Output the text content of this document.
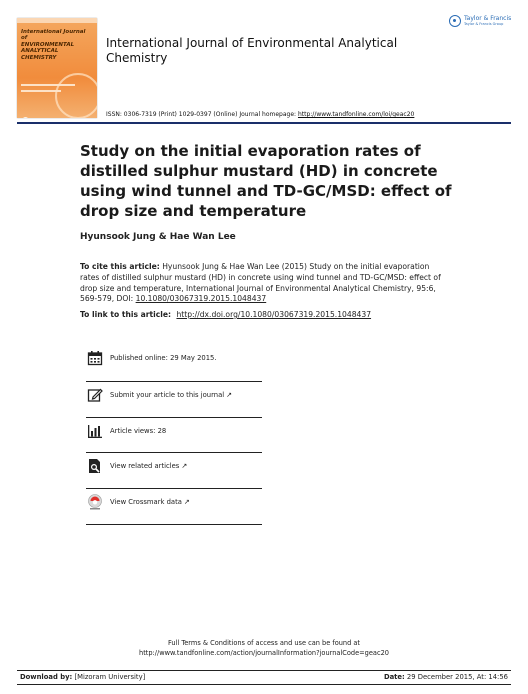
International Journal of
ENVIRONMENTAL
ANALYTICAL
CHEMISTRY
International Journal of Environmental Analytical Chemistry
Taylor & Francis
Taylor & Francis Group
ISSN: 0306-7319 (Print) 1029-0397 (Online) Journal homepage: http://www.tandfonline.com/loi/geac20
Study on the initial evaporation rates of distilled sulphur mustard (HD) in concrete using wind tunnel and TD-GC/MSD: effect of drop size and temperature
Hyunsook Jung & Hae Wan Lee
To cite this article: Hyunsook Jung & Hae Wan Lee (2015) Study on the initial evaporation rates of distilled sulphur mustard (HD) in concrete using wind tunnel and TD-GC/MSD: effect of drop size and temperature, International Journal of Environmental Analytical Chemistry, 95:6, 569-579, DOI: 10.1080/03067319.2015.1048437
To link to this article: http://dx.doi.org/10.1080/03067319.2015.1048437
Published online: 29 May 2015.
Submit your article to this journal ↗
Article views: 28
View related articles ↗
View Crossmark data ↗
Full Terms & Conditions of access and use can be found at
http://www.tandfonline.com/action/journalInformation?journalCode=geac20
Download by: [Mizoram University]	Date: 29 December 2015, At: 14:56
